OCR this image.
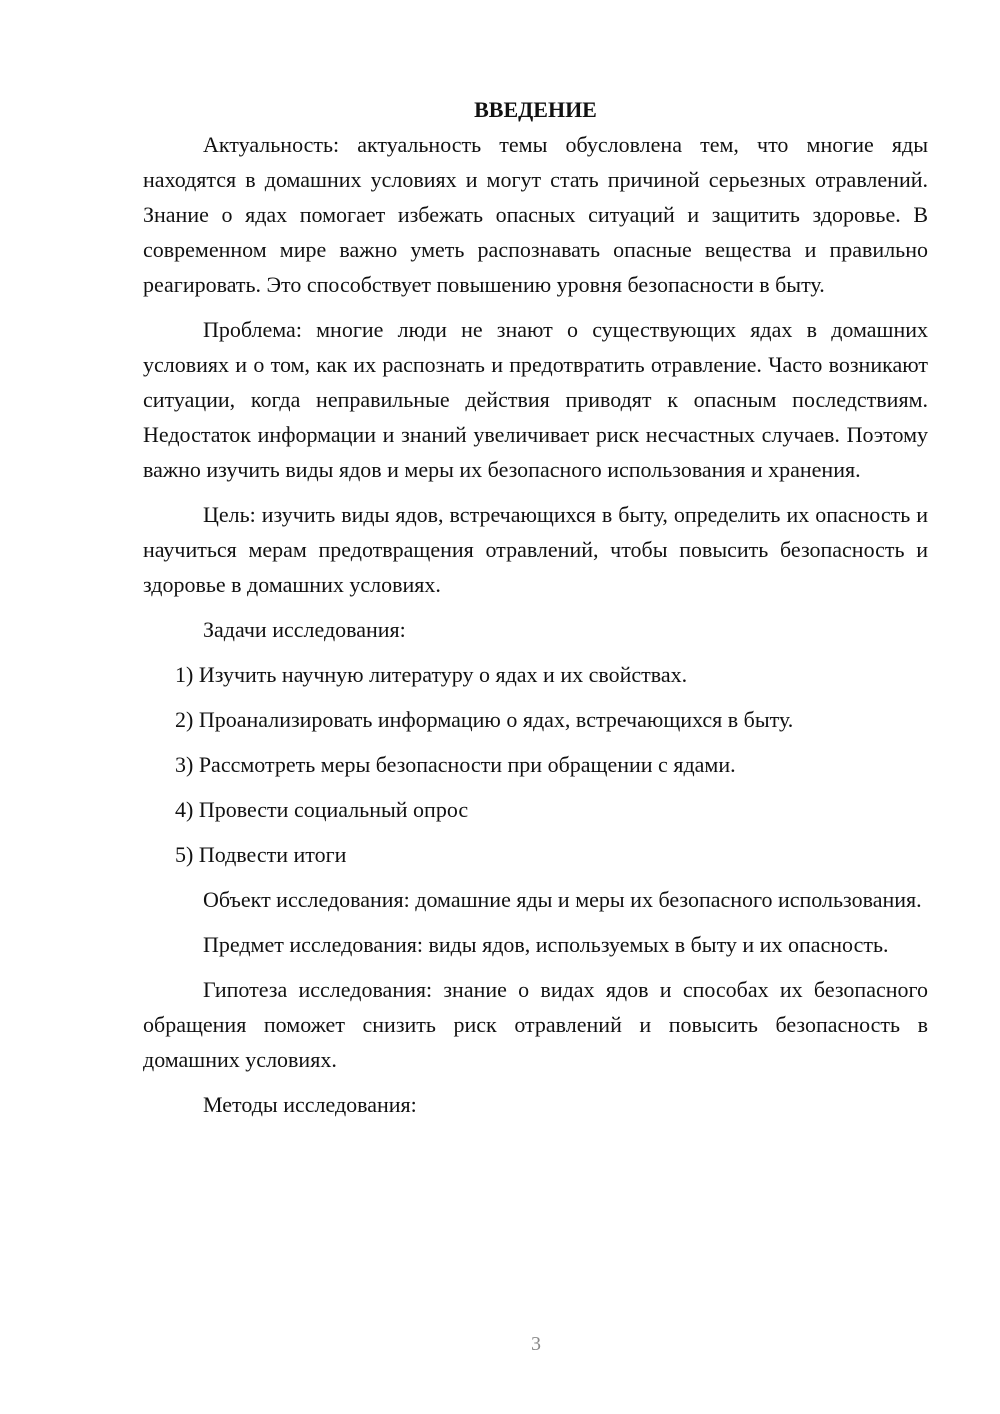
ВВЕДЕНИЕ

Актуальность: актуальность темы обусловлена тем, что многие яды находятся в домашних условиях и могут стать причиной серьезных отравлений. Знание о ядах помогает избежать опасных ситуаций и защитить здоровье. В современном мире важно уметь распознавать опасные вещества и правильно реагировать. Это способствует повышению уровня безопасности в быту.

Проблема: многие люди не знают о существующих ядах в домашних условиях и о том, как их распознать и предотвратить отравление. Часто возникают ситуации, когда неправильные действия приводят к опасным последствиям. Недостаток информации и знаний увеличивает риск несчастных случаев. Поэтому важно изучить виды ядов и меры их безопасного использования и хранения.

Цель: изучить виды ядов, встречающихся в быту, определить их опасность и научиться мерам предотвращения отравлений, чтобы повысить безопасность и здоровье в домашних условиях.

Задачи исследования:

1) Изучить научную литературу о ядах и их свойствах.
2) Проанализировать информацию о ядах, встречающихся в быту.
3) Рассмотреть меры безопасности при обращении с ядами.
4) Провести социальный опрос
5) Подвести итоги

Объект исследования: домашние яды и меры их безопасного использования.

Предмет исследования: виды ядов, используемых в быту и их опасность.

Гипотеза исследования: знание о видах ядов и способах их безопасного обращения поможет снизить риск отравлений и повысить безопасность в домашних условиях.

Методы исследования:

3
